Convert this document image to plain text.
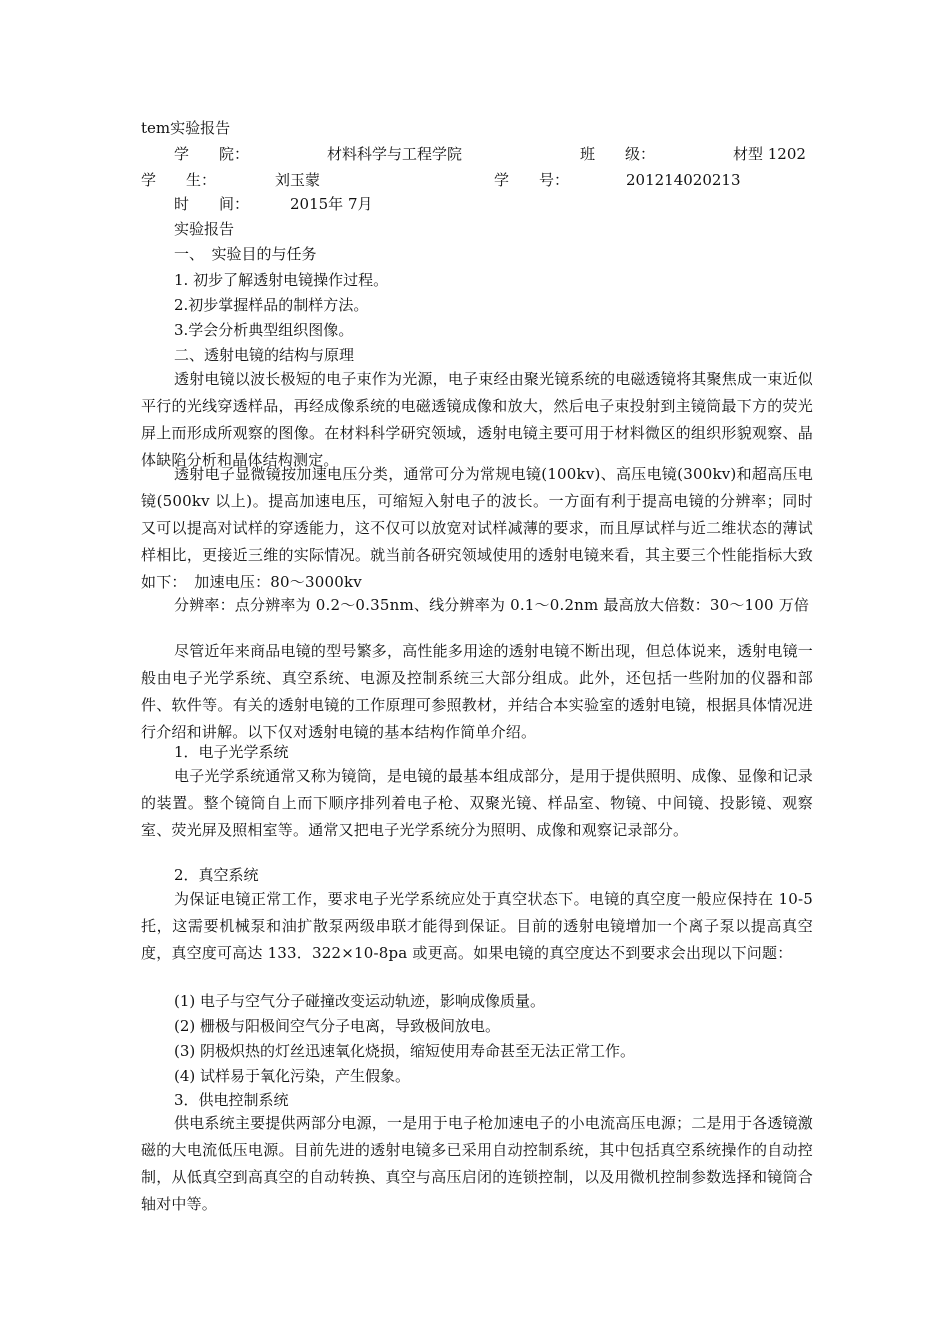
tem实验报告
学　　院：	材料科学与工程学院	班　　级：	材型 1202
学　　生：	刘玉蒙	学　　号：	201214020213
时　　间：	2015年 7月
实验报告
一、　实验目的与任务
1. 初步了解透射电镜操作过程。
2.初步掌握样品的制样方法。
3.学会分析典型组织图像。
二、透射电镜的结构与原理
透射电镜以波长极短的电子束作为光源，电子束经由聚光镜系统的电磁透镜将其聚焦成一束近似平行的光线穿透样品，再经成像系统的电磁透镜成像和放大，然后电子束投射到主镜筒最下方的荧光屏上而形成所观察的图像。在材料科学研究领域，透射电镜主要可用于材料微区的组织形貌观察、晶体缺陷分析和晶体结构测定。
透射电子显微镜按加速电压分类，通常可分为常规电镜(100kv)、高压电镜(300kv)和超高压电镜(500kv 以上)。提高加速电压，可缩短入射电子的波长。一方面有利于提高电镜的分辨率；同时又可以提高对试样的穿透能力，这不仅可以放宽对试样减薄的要求，而且厚试样与近二维状态的薄试样相比，更接近三维的实际情况。就当前各研究领域使用的透射电镜来看，其主要三个性能指标大致如下：　加速电压：80～3000kv
分辨率：点分辨率为 0.2～0.35nm、线分辨率为 0.1～0.2nm 最高放大倍数：30～100 万倍
尽管近年来商品电镜的型号繁多，高性能多用途的透射电镜不断出现，但总体说来，透射电镜一般由电子光学系统、真空系统、电源及控制系统三大部分组成。此外，还包括一些附加的仪器和部件、软件等。有关的透射电镜的工作原理可参照教材，并结合本实验室的透射电镜，根据具体情况进行介绍和讲解。以下仅对透射电镜的基本结构作简单介绍。
1．电子光学系统
电子光学系统通常又称为镜筒，是电镜的最基本组成部分，是用于提供照明、成像、显像和记录的装置。整个镜筒自上而下顺序排列着电子枪、双聚光镜、样品室、物镜、中间镜、投影镜、观察室、荧光屏及照相室等。通常又把电子光学系统分为照明、成像和观察记录部分。
2．真空系统
为保证电镜正常工作，要求电子光学系统应处于真空状态下。电镜的真空度一般应保持在 10-5托，这需要机械泵和油扩散泵两级串联才能得到保证。目前的透射电镜增加一个离子泵以提高真空度，真空度可高达 133．322×10-8pa 或更高。如果电镜的真空度达不到要求会出现以下问题：
(1) 电子与空气分子碰撞改变运动轨迹，影响成像质量。
(2) 栅极与阳极间空气分子电离，导致极间放电。
(3) 阴极炽热的灯丝迅速氧化烧损，缩短使用寿命甚至无法正常工作。
(4) 试样易于氧化污染，产生假象。
3．供电控制系统
供电系统主要提供两部分电源，一是用于电子枪加速电子的小电流高压电源；二是用于各透镜激磁的大电流低压电源。目前先进的透射电镜多已采用自动控制系统，其中包括真空系统操作的自动控制，从低真空到高真空的自动转换、真空与高压启闭的连锁控制，以及用微机控制参数选择和镜筒合轴对中等。
